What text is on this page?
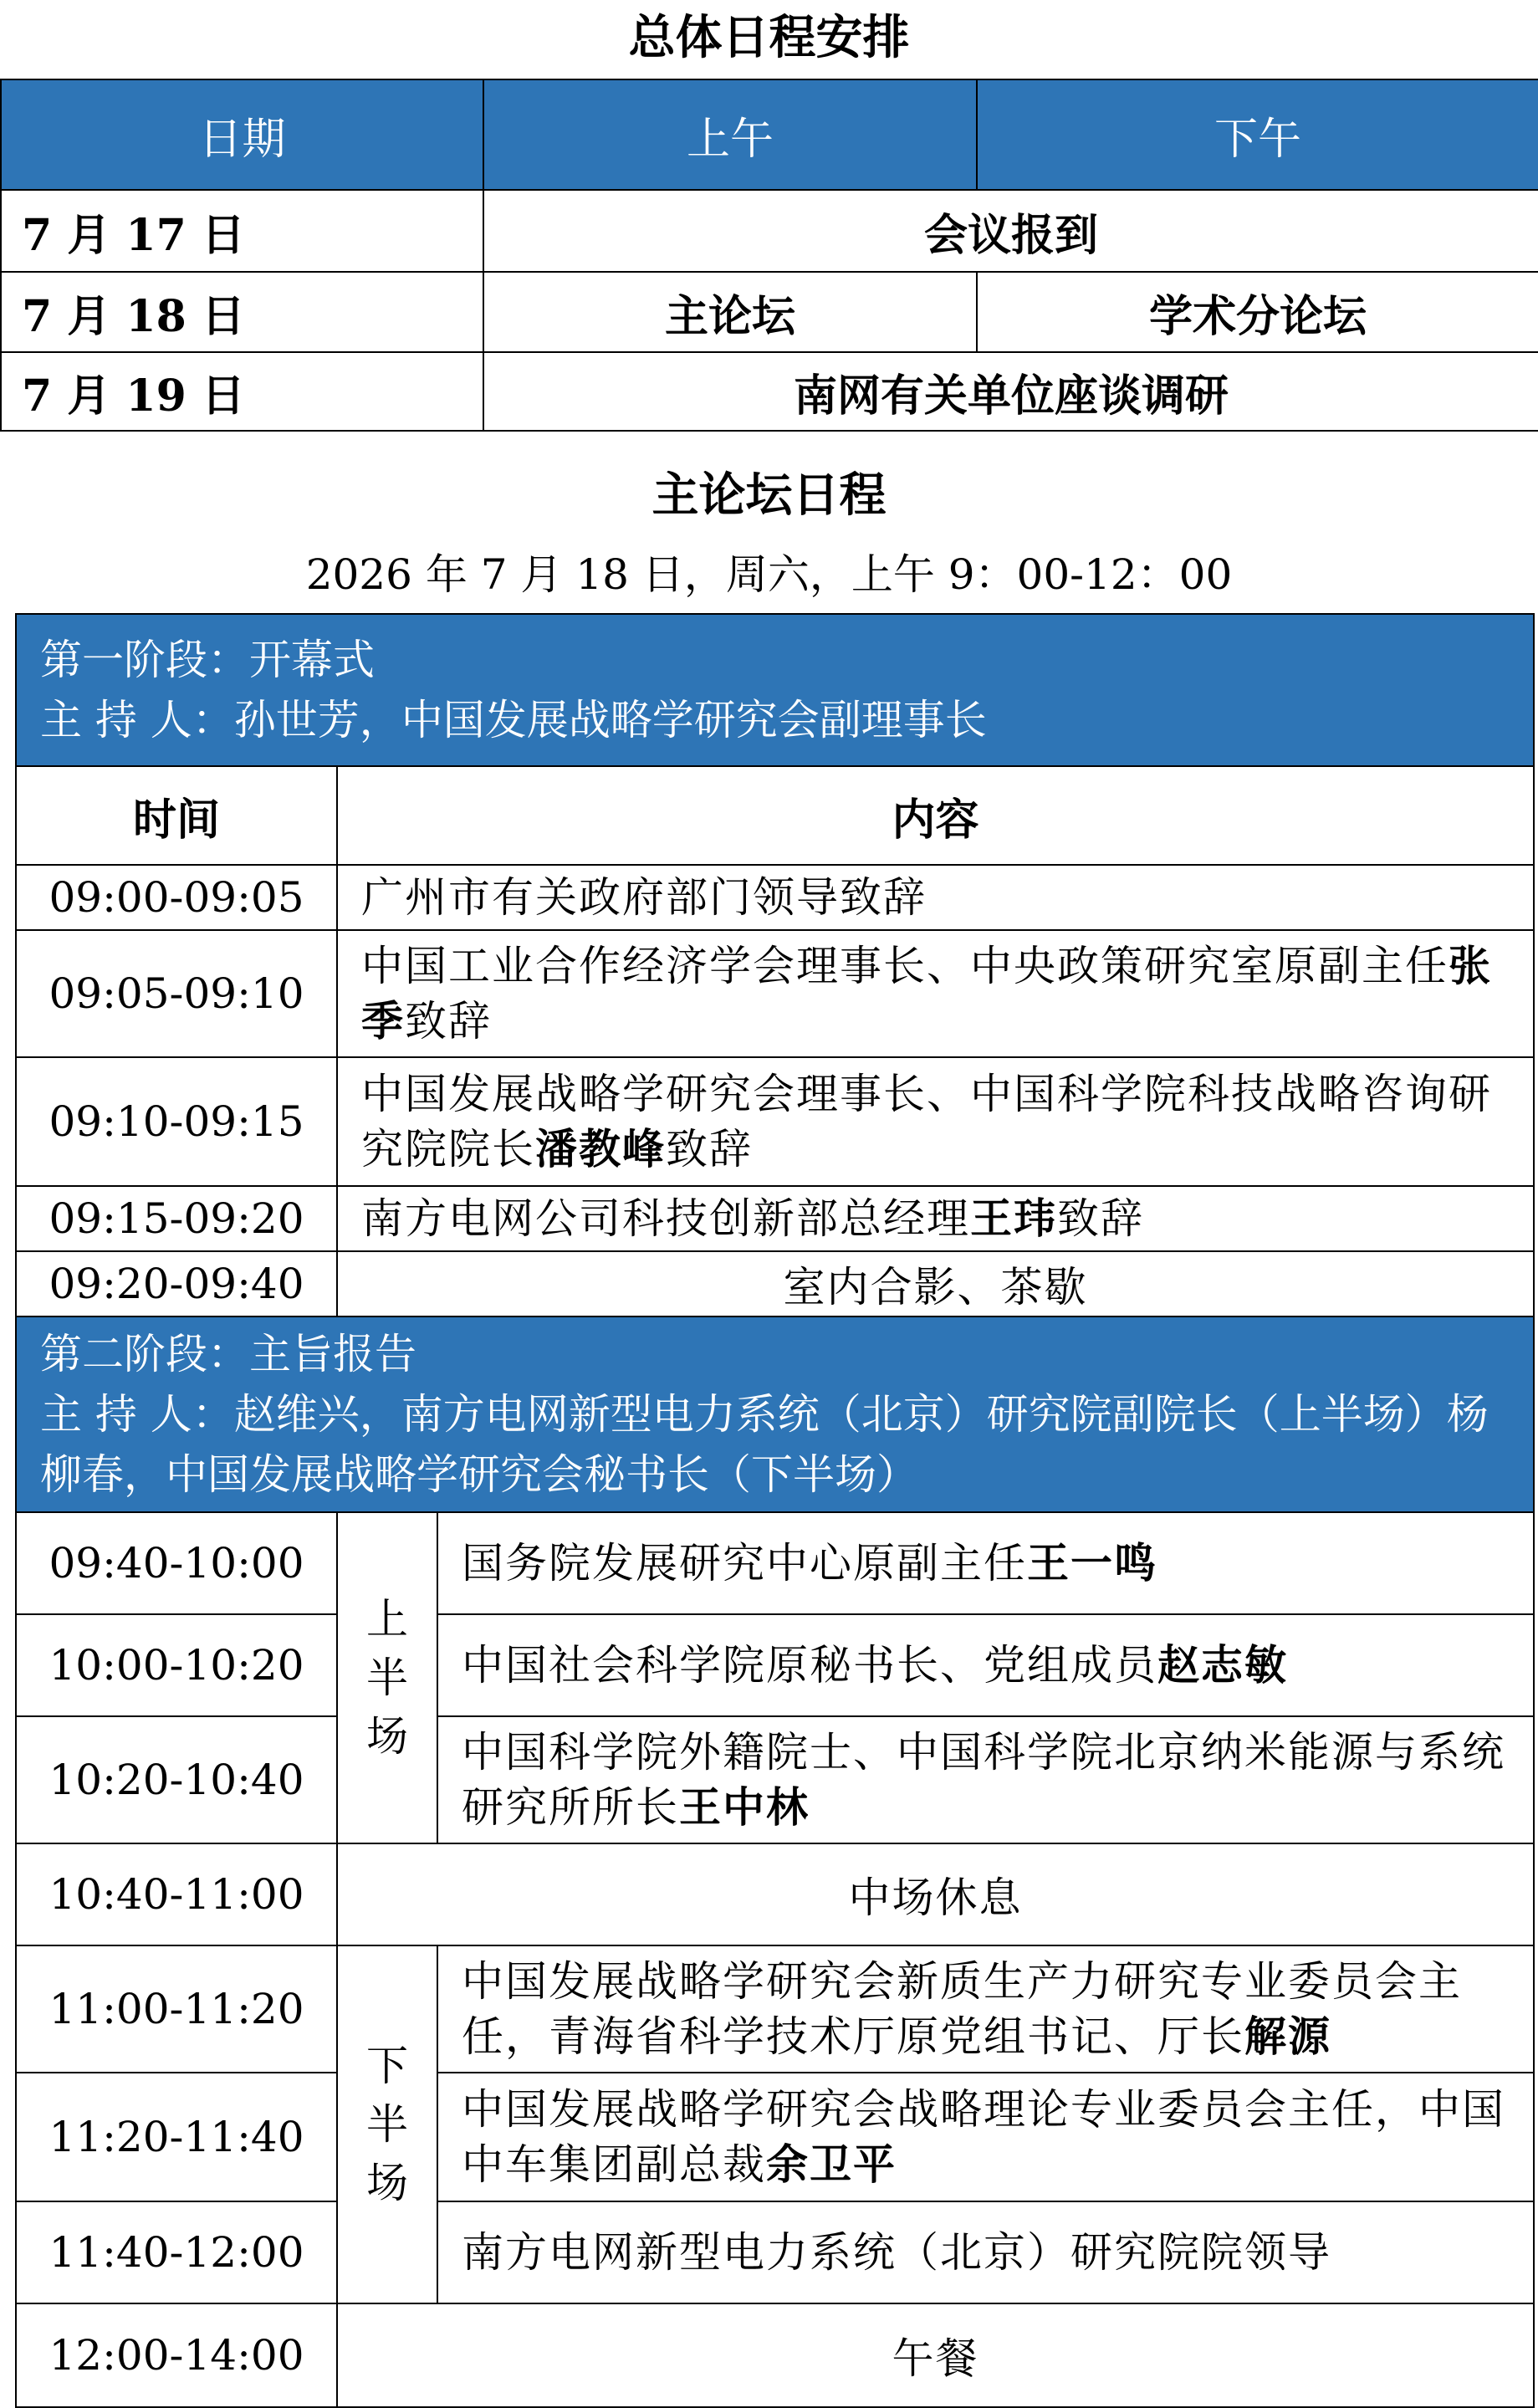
总体日程安排
日期	上午	下午
7 月 17 日	会议报到	
7 月 18 日	主论坛	学术分论坛
7 月 19 日	南网有关单位座谈调研	
主论坛日程
2026 年 7 月 18 日，周六，上午 9：00-12：00
第一阶段：开幕式
主 持 人：孙世芳，中国发展战略学研究会副理事长		

时间	内容	
09:00-09:05	广州市有关政府部门领导致辞	
09:05-09:10	中国工业合作经济学会理事长、中央政策研究室原副主任张季致辞	
09:10-09:15	中国发展战略学研究会理事长、中国科学院科技战略咨询研究院院长潘教峰致辞	
09:15-09:20	南方电网公司科技创新部总经理王玮致辞	
09:20-09:40	室内合影、茶歇	

第二阶段：主旨报告
主 持 人：赵维兴，南方电网新型电力系统（北京）研究院副院长（上半场）杨柳春，中国发展战略学研究会秘书长（下半场）		

09:40-10:00	上半场	国务院发展研究中心原副主任王一鸣
10:00-10:20		中国社会科学院原秘书长、党组成员赵志敏
10:20-10:40		中国科学院外籍院士、中国科学院北京纳米能源与系统研究所所长王中林
10:40-11:00	中场休息	
11:00-11:20	下半场	中国发展战略学研究会新质生产力研究专业委员会主任，青海省科学技术厅原党组书记、厅长解源
11:20-11:40		中国发展战略学研究会战略理论专业委员会主任，中国中车集团副总裁余卫平
11:40-12:00		南方电网新型电力系统（北京）研究院院领导
12:00-14:00	午餐	
